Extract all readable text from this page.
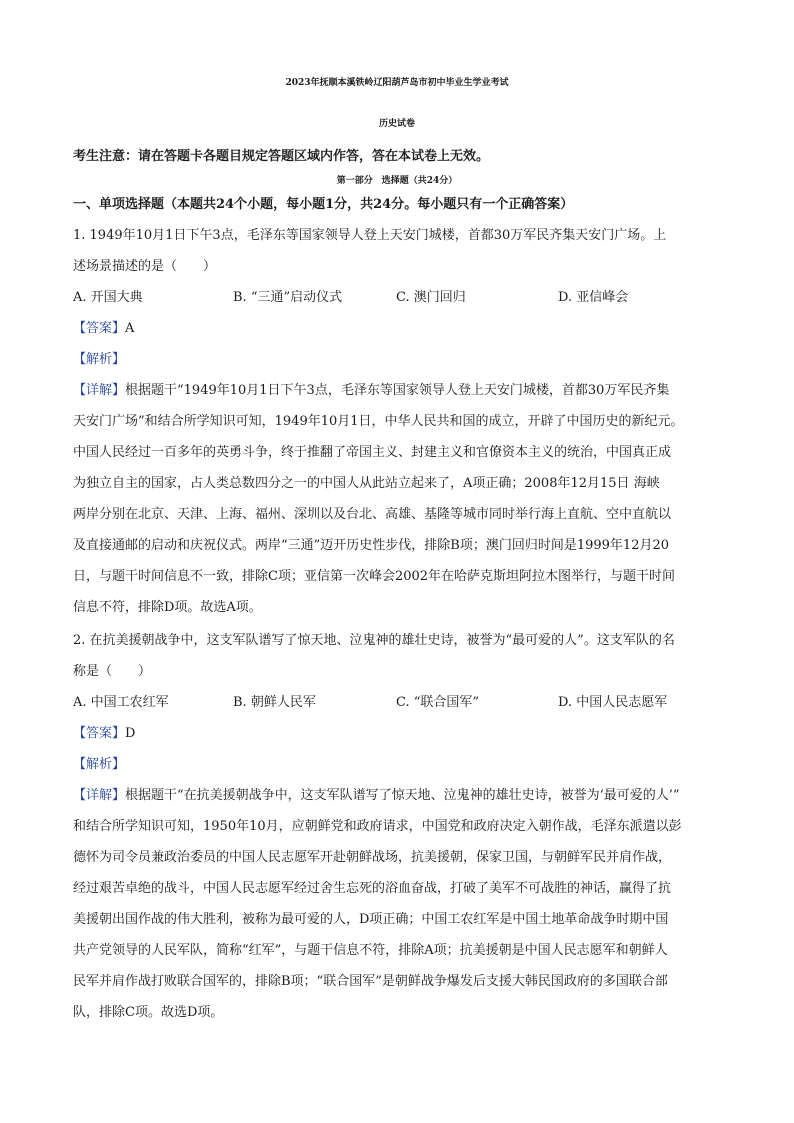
2023年抚顺本溪铁岭辽阳葫芦岛市初中毕业生学业考试
历史试卷
考生注意：请在答题卡各题目规定答题区域内作答，答在本试卷上无效。
第一部分　选择题（共24分）
一、单项选择题（本题共24个小题，每小题1分，共24分。每小题只有一个正确答案）
1. 1949年10月1日下午3点，毛泽东等国家领导人登上天安门城楼，首都30万军民齐集天安门广场。上
述场景描述的是（　　）
A. 开国大典	B. “三通”启动仪式	C. 澳门回归	D. 亚信峰会
【答案】A
【解析】
【详解】根据题干“1949年10月1日下午3点，毛泽东等国家领导人登上天安门城楼，首都30万军民齐集
天安门广场”和结合所学知识可知，1949年10月1日，中华人民共和国的成立，开辟了中国历史的新纪元。
中国人民经过一百多年的英勇斗争，终于推翻了帝国主义、封建主义和官僚资本主义的统治，中国真正成
为独立自主的国家，占人类总数四分之一的中国人从此站立起来了，A项正确；2008年12月15日 海峡
两岸分别在北京、天津、上海、福州、深圳以及台北、高雄、基隆等城市同时举行海上直航、空中直航以
及直接通邮的启动和庆祝仪式。两岸“三通”迈开历史性步伐，排除B项；澳门回归时间是1999年12月20
日，与题干时间信息不一致，排除C项；亚信第一次峰会2002年在哈萨克斯坦阿拉木图举行，与题干时间
信息不符，排除D项。故选A项。
2. 在抗美援朝战争中，这支军队谱写了惊天地、泣鬼神的雄壮史诗，被誉为“最可爱的人”。这支军队的名
称是（　　）
A. 中国工农红军	B. 朝鲜人民军	C. “联合国军”	D. 中国人民志愿军
【答案】D
【解析】
【详解】根据题干“在抗美援朝战争中，这支军队谱写了惊天地、泣鬼神的雄壮史诗，被誉为‘最可爱的人’”
和结合所学知识可知，1950年10月，应朝鲜党和政府请求，中国党和政府决定入朝作战，毛泽东派遣以彭
德怀为司令员兼政治委员的中国人民志愿军开赴朝鲜战场，抗美援朝，保家卫国，与朝鲜军民并肩作战，
经过艰苦卓绝的战斗，中国人民志愿军经过舍生忘死的浴血奋战，打破了美军不可战胜的神话，赢得了抗
美援朝出国作战的伟大胜利，被称为最可爱的人，D项正确；中国工农红军是中国土地革命战争时期中国
共产党领导的人民军队，简称“红军”，与题干信息不符，排除A项；抗美援朝是中国人民志愿军和朝鲜人
民军并肩作战打败联合国军的，排除B项；“联合国军”是朝鲜战争爆发后支援大韩民国政府的多国联合部
队，排除C项。故选D项。
